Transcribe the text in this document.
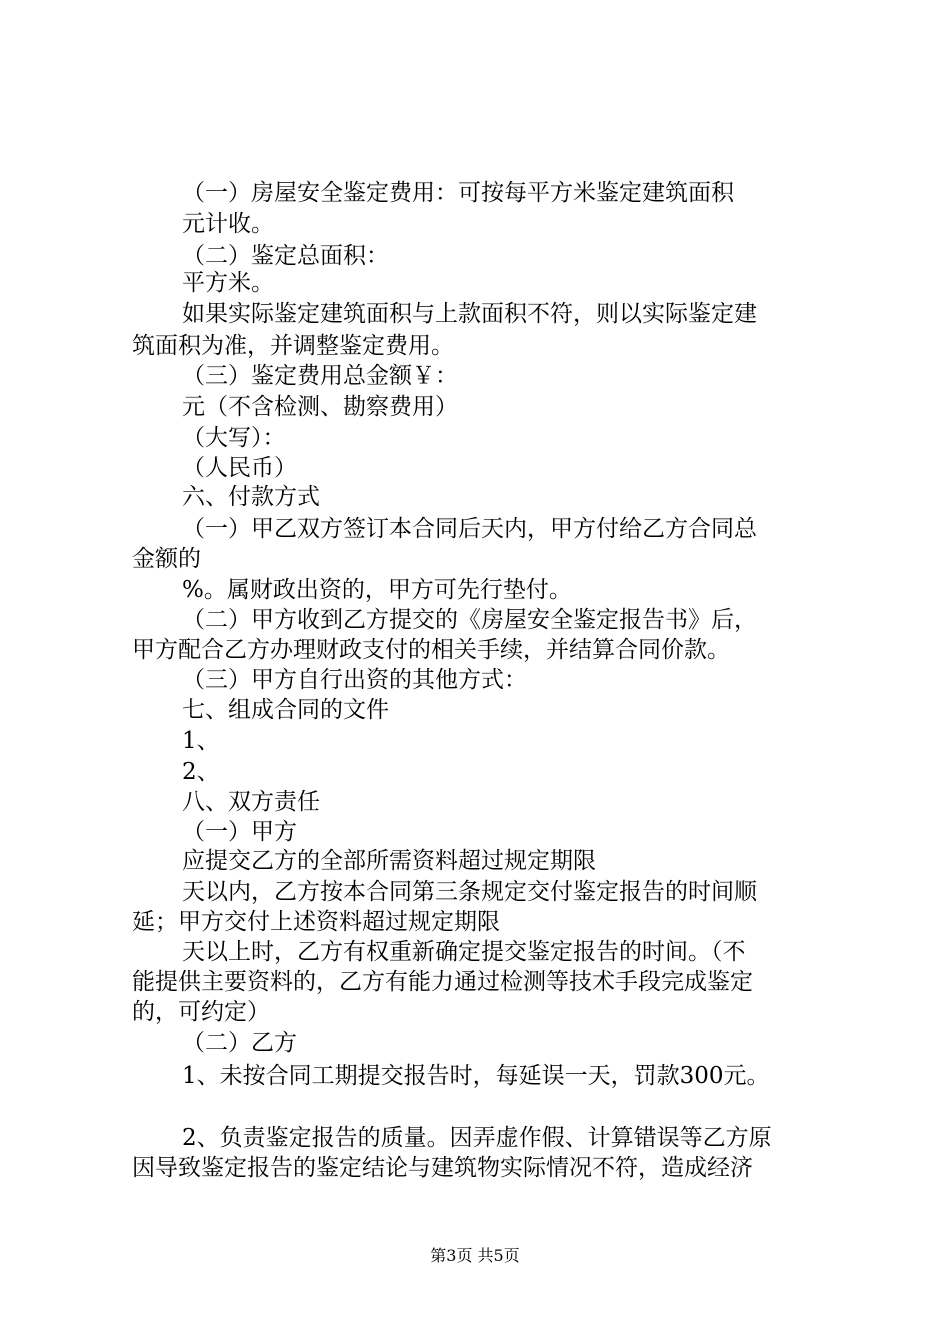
（一）房屋安全鉴定费用：可按每平方米鉴定建筑面积
元计收。
（二）鉴定总面积：
平方米。
如果实际鉴定建筑面积与上款面积不符，则以实际鉴定建
筑面积为准，并调整鉴定费用。
（三）鉴定费用总金额￥：
元（不含检测、勘察费用）
（大写）：
（人民币）
六、付款方式
（一）甲乙双方签订本合同后天内，甲方付给乙方合同总
金额的
%。属财政出资的，甲方可先行垫付。
（二）甲方收到乙方提交的《房屋安全鉴定报告书》后，
甲方配合乙方办理财政支付的相关手续，并结算合同价款。
（三）甲方自行出资的其他方式：
七、组成合同的文件
1、
2、
八、双方责任
（一）甲方
应提交乙方的全部所需资料超过规定期限
天以内，乙方按本合同第三条规定交付鉴定报告的时间顺
延；甲方交付上述资料超过规定期限
天以上时，乙方有权重新确定提交鉴定报告的时间。（不
能提供主要资料的，乙方有能力通过检测等技术手段完成鉴定
的，可约定）
（二）乙方
1、未按合同工期提交报告时，每延误一天，罚款300元。
2、负责鉴定报告的质量。因弄虚作假、计算错误等乙方原
因导致鉴定报告的鉴定结论与建筑物实际情况不符，造成经济
第3页 共5页
